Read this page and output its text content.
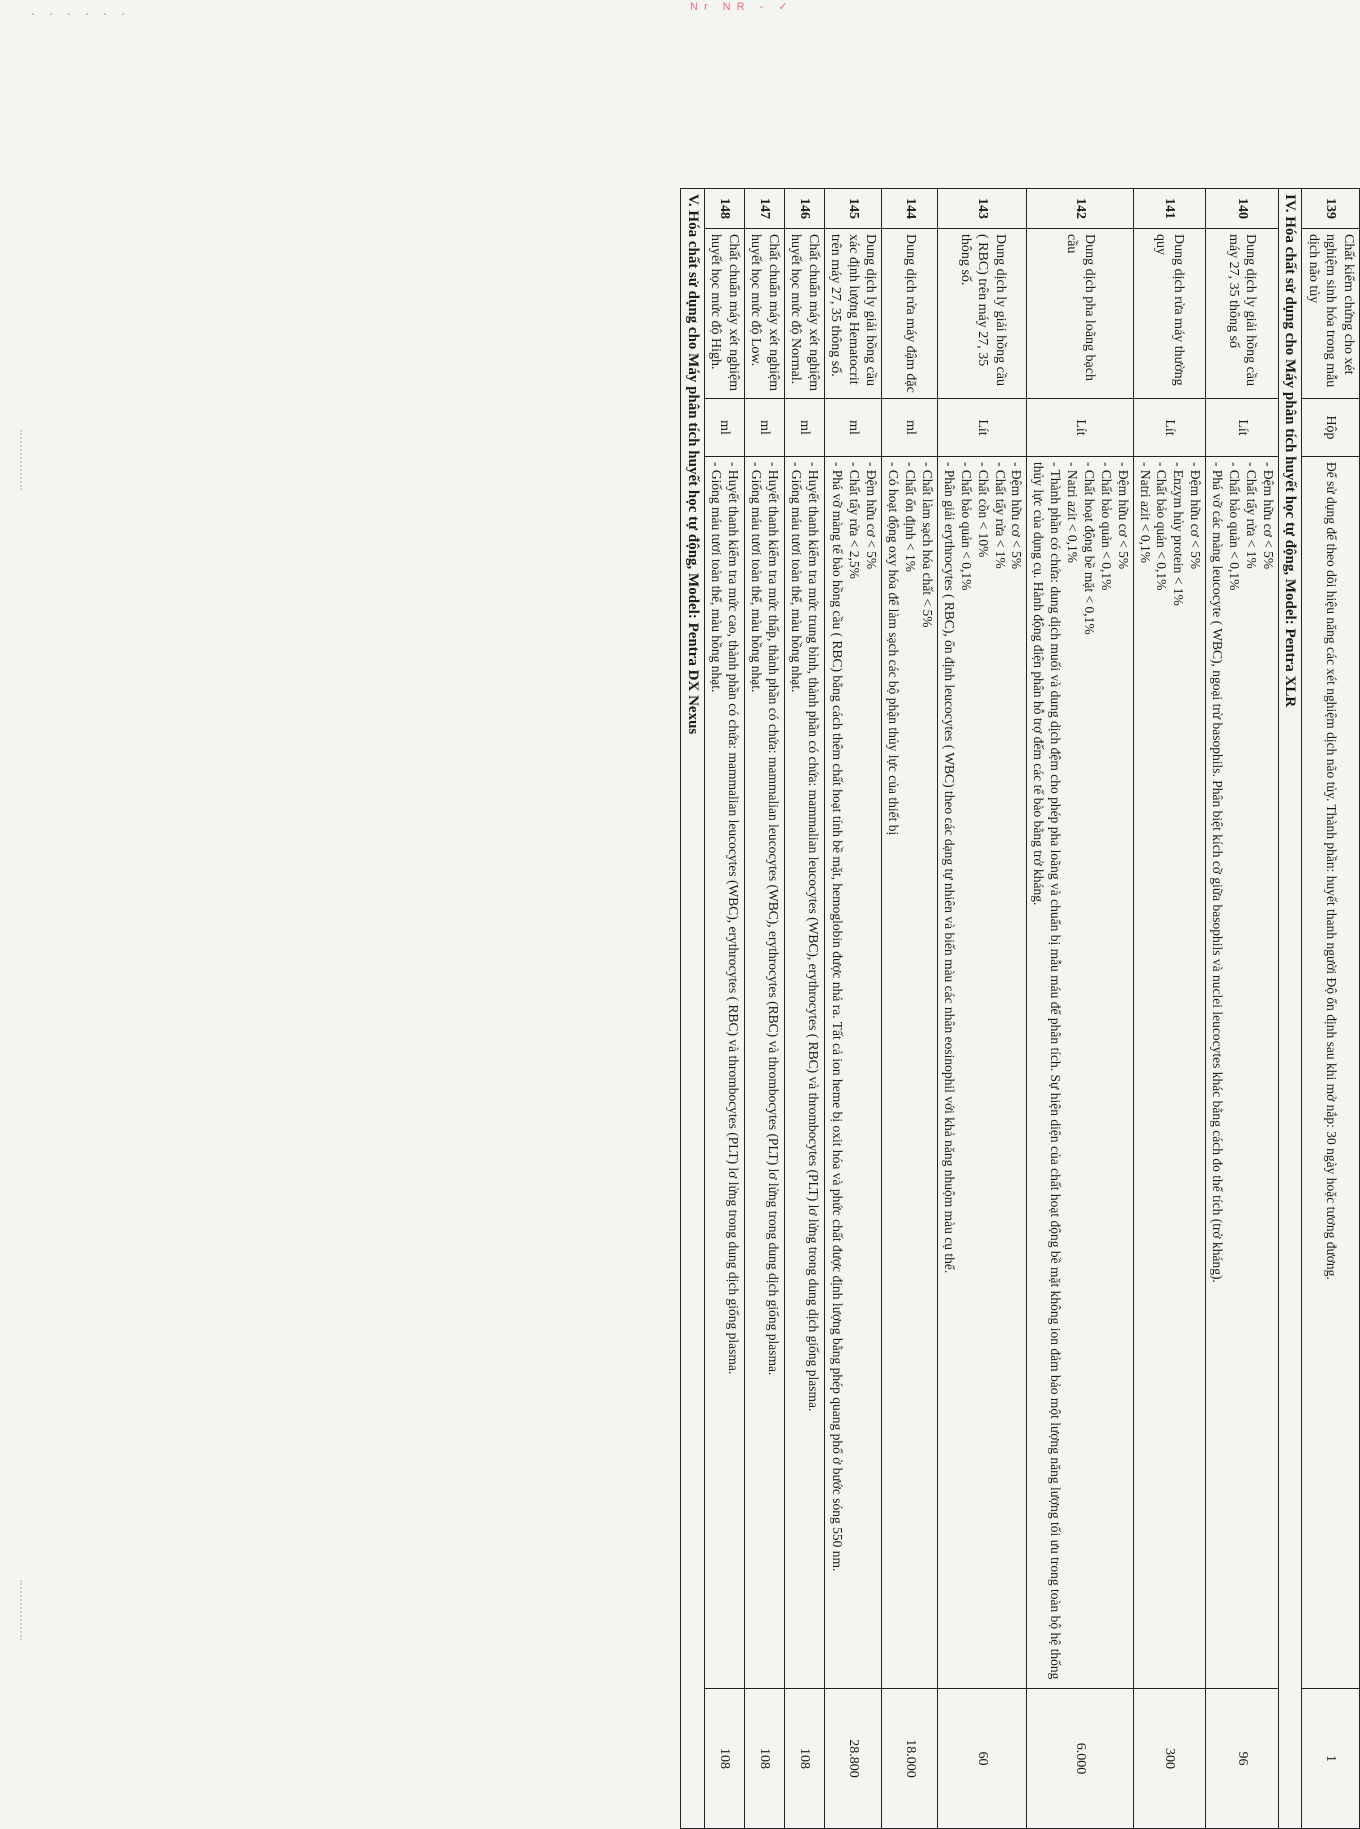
Nr NR - ✓
· · · · · ·
139	Chất kiểm chứng cho xét nghiệm sinh hóa trong mẫu dịch não tủy	Hộp	Để sử dụng để theo dõi hiệu năng các xét nghiệm dịch não tủy. Thành phần: huyết thanh người Độ ổn định sau khi mở nắp: 30 ngày hoặc tương đương.	1
IV. Hóa chất sử dụng cho Máy phân tích huyết học tự động, Model: Pentra XLR				
140	Dung dịch ly giải hồng cầu máy 27, 35 thông số	Lít	- Đệm hữu cơ < 5%
- Chất tẩy rửa < 1%
- Chất bảo quản < 0,1%
- Phá vỡ các màng leucocyte ( WBC), ngoại trừ basophils. Phân biệt kích cỡ giữa basophils và nuclei leucocytes khác bằng cách đo thể tích (trở kháng).	96
141	Dung dịch rửa máy thường quy	Lít	- Đệm hữu cơ < 5%
- Enzym hủy protein < 1%
- Chất bảo quản < 0,1%
- Natri azit < 0,1%	300
142	Dung dịch pha loãng bạch cầu	Lít	- Đệm hữu cơ < 5%
- Chất bảo quản < 0,1%
- Chất hoạt động bề mặt < 0,1%
- Natri azit < 0,1%
- Thành phần có chứa: dung dịch muối và dung dịch đệm cho phép pha loãng và chuẩn bị mẫu máu để phân tích. Sự hiện diện của chất hoạt động bề mặt không ion đảm bảo một lượng năng lượng tối ưu trong toàn bộ hệ thống thủy lực của dụng cụ. Hành động điện phân hỗ trợ đếm các tế bào bằng trở kháng.	6.000
143	Dung dịch ly giải hồng cầu ( RBC) trên máy 27, 35 thông số.	Lít	- Đệm hữu cơ < 5%
- Chất tẩy rửa < 1%
- Chất cồn < 10%
- Chất bảo quản < 0,1%
- Phân giải erythrocytes ( RBC), ổn định leucocytes ( WBC) theo các dạng tự nhiên và biến màu các nhân eosinophil với khả năng nhuộm màu cụ thể.	60
144	Dung dịch rửa máy đậm đặc	ml	- Chất làm sạch hóa chất < 5%
- Chất ổn định < 1%
- Có hoạt động oxy hóa để làm sạch các bộ phận thủy lực của thiết bị	18.000
145	Dung dịch ly giải hồng cầu xác định lượng Hematocrit trên máy 27, 35 thông số.	ml	- Đệm hữu cơ < 5%
- Chất tẩy rửa < 2,5%
- Phá vỡ màng tế bào hồng cầu ( RBC) bằng cách thêm chất hoạt tính bề mặt, hemoglobin được nhả ra. Tất cả ion heme bị oxit hóa và phức chất được định lượng bằng phép quang phổ ở bước sóng 550 nm.	28.800
146	Chất chuẩn máy xét nghiệm huyết học mức độ Normal.	ml	- Huyết thanh kiểm tra mức trung bình, thành phần có chứa: mammalian leucocytes (WBC), erythrocytes ( RBC) và thrombocytes (PLT) lơ lửng trong dung dịch giống plasma.
- Giống máu tươi toàn thể, màu hồng nhạt.	108
147	Chất chuẩn máy xét nghiệm huyết học mức độ Low.	ml	- Huyết thanh kiểm tra mức thấp, thành phần có chứa: mammalian leucocytes (WBC), erythrocytes (RBC) và thrombocytes (PLT) lơ lửng trong dung dịch giống plasma.
- Giống máu tươi toàn thể, màu hồng nhạt.	108
148	Chất chuẩn máy xét nghiệm huyết học mức độ High.	ml	- Huyết thanh kiểm tra mức cao, thành phần có chứa: mammalian leucocytes (WBC), erythrocytes ( RBC) và thrombocytes (PLT) lơ lửng trong dung dịch giống plasma.
- Giống máu tươi toàn thể, màu hồng nhạt.	108
V. Hóa chất sử dụng cho Máy phân tích huyết học tự động, Model: Pentra DX Nexus				
